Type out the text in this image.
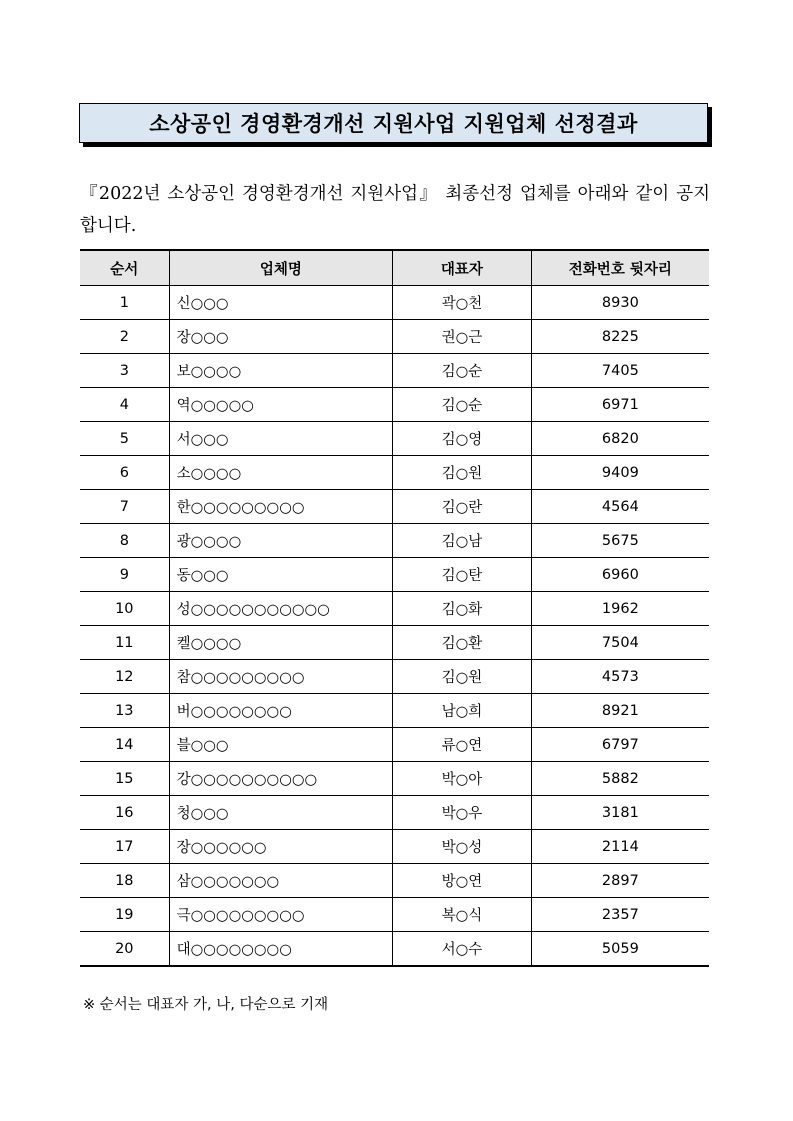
소상공인 경영환경개선 지원사업 지원업체 선정결과

『2022년 소상공인 경영환경개선 지원사업』 최종선정 업체를 아래와 같이 공지합니다.

순서	업체명	대표자	전화번호 뒷자리
1	신○○○	곽○천	8930
2	장○○○	권○근	8225
3	보○○○○	김○순	7405
4	역○○○○○	김○순	6971
5	서○○○	김○영	6820
6	소○○○○	김○원	9409
7	한○○○○○○○○○	김○란	4564
8	광○○○○	김○남	5675
9	동○○○	김○탄	6960
10	성○○○○○○○○○○○	김○화	1962
11	켈○○○○	김○환	7504
12	참○○○○○○○○○	김○원	4573
13	버○○○○○○○○	남○희	8921
14	블○○○	류○연	6797
15	강○○○○○○○○○○	박○아	5882
16	청○○○	박○우	3181
17	장○○○○○○	박○성	2114
18	삼○○○○○○○	방○연	2897
19	극○○○○○○○○○	복○식	2357
20	대○○○○○○○○	서○수	5059

※ 순서는 대표자 가, 나, 다순으로 기재
